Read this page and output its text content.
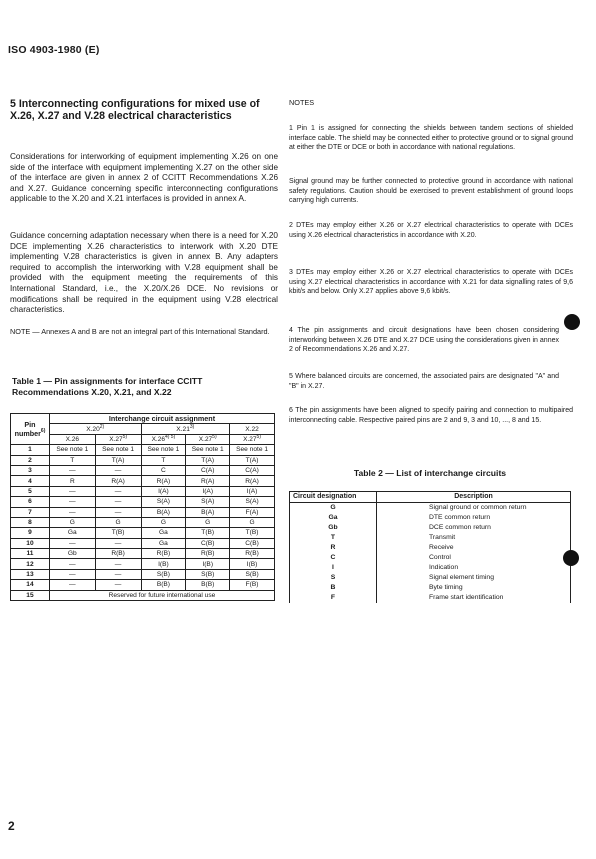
ISO 4903-1980 (E)
5 Interconnecting configurations for mixed use of X.26, X.27 and V.28 electrical characteristics

Considerations for interworking of equipment implementing X.26 on one side of the interface with equipment implementing X.27 on the other side of the interface are given in annex 2 of CCITT Recommendations X.26 and X.27. Guidance concerning specific interconnecting configurations applicable to the X.20 and X.21 interfaces is provided in annex A.

Guidance concerning adaptation necessary when there is a need for X.20 DCE implementing X.26 characteristics to interwork with X.20 DTE implementing V.28 characteristics is given in annex B. Any adapters required to accomplish the interworking with V.28 equipment shall be provided with the equipment meeting the requirements of this International Standard, i.e., the X.20/X.26 DCE. No revisions or modifications shall be required in the equipment using V.28 electrical characteristics.

NOTE — Annexes A and B are not an integral part of this International Standard.

Table 1 — Pin assignments for interface CCITT Recommendations X.20, X.21, and X.22
Pin number$^{6)}$	Interchange circuit assignment				
	X.20$^{2)}$		X.21$^{3)}$		X.22
	X.26	X.27$^{5)}$	$X.26^{4) 5)}$	X.27$^{5)}$	X.27$^{5)}$
1	See note 1	See note 1	See note 1	See note 1	See note 1
2	T	T(A)	T	T(A)	T(A)
3	—	—	C	C(A)	C(A)
4	R	R(A)	R(A)	R(A)	R(A)
5	—	—	I(A)	I(A)	I(A)
6	—	—	S(A)	S(A)	S(A)
7	—	—	B(A)	B(A)	F(A)
8	G	G	G	G	G
9	Ga	T(B)	Ga	T(B)	T(B)
10	—	—	Ga	C(B)	C(B)
11	Gb	R(B)	R(B)	R(B)	R(B)
12	—	—	I(B)	I(B)	I(B)
13	—	—	S(B)	S(B)	S(B)
14	—	—	B(B)	B(B)	F(B)
15	Reserved for future international use				
NOTES

1 Pin 1 is assigned for connecting the shields between tandem sections of shielded interface cable. The shield may be connected either to protective ground or to signal ground at either the DTE or DCE or both in accordance with national regulations.

Signal ground may be further connected to protective ground in accordance with national safety regulations. Caution should be exercised to prevent establishment of ground loops carrying high currents.

2 DTEs may employ either X.26 or X.27 electrical characteristics to operate with DCEs using X.26 electrical characteristics in accordance with X.20.

3 DTEs may employ either X.26 or X.27 electrical characteristics to operate with DCEs using X.27 electrical characteristics in accordance with X.21 for data signalling rates of 9,6 kbit/s and below. Only X.27 applies above 9,6 kbit/s.

4 The pin assignments and circuit designations have been chosen considering interworking between X.26 DTE and X.27 DCE using the considerations given in annex 2 of Recommendations X.26 and X.27.

5 Where balanced circuits are concerned, the associated pairs are designated "A" and "B" in X.27.

6 The pin assignments have been aligned to specify pairing and connection to multipaired interconnecting cable. Respective paired pins are 2 and 9, 3 and 10, ..., 8 and 15.

Table 2 — List of interchange circuits
Circuit designation	Description
G	Signal ground or common return
Ga	DTE common return
Gb	DCE common return
T	Transmit
R	Receive
C	Control
I	Indication
S	Signal element timing
B	Byte timing
F	Frame start identification
2
